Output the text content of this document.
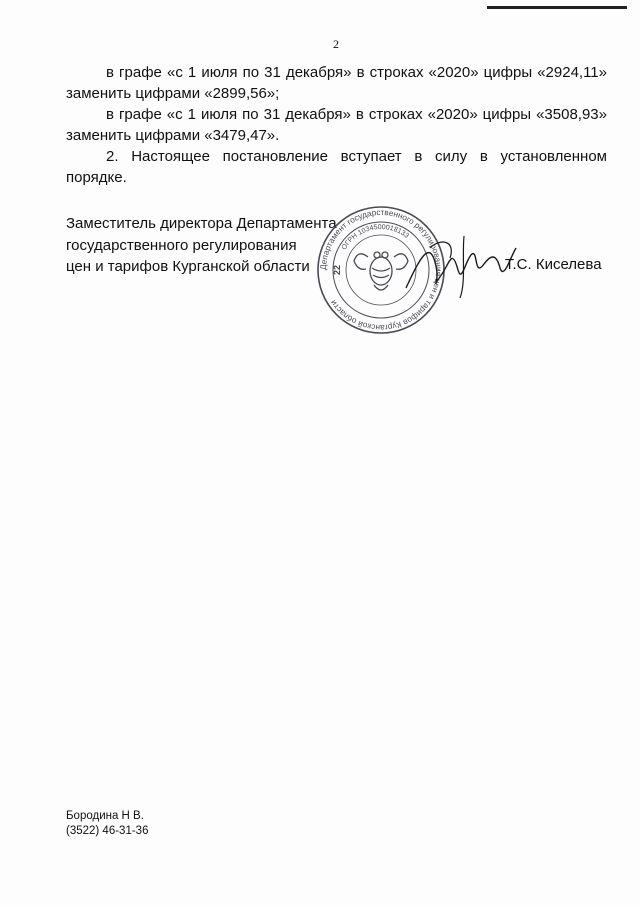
2

в графе «с 1 июля по 31 декабря» в строках «2020» цифры «2924,11»

заменить цифрами «2899,56»;

в графе «с 1 июля по 31 декабря» в строках «2020» цифры «3508,93»

заменить цифрами «3479,47».

2. Настоящее постановление вступает в силу в установленном

порядке.

Заместитель директора Департамента
государственного регулирования
цен и тарифов Курганской области	Департамент государственного регулирования цен и тарифов Курганской области
ОГРН 1034500018133
22	Т.С. Киселева
Бородина Н В.
(3522) 46-31-36
